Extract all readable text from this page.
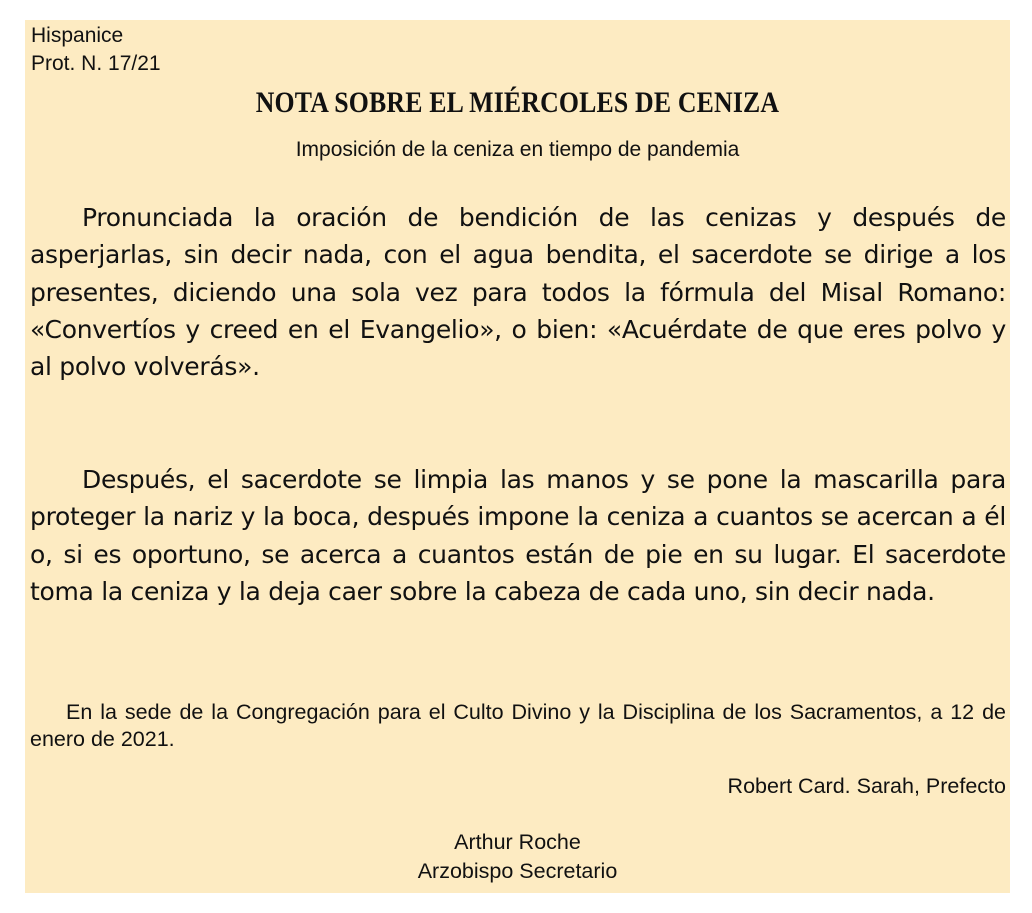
Hispanice
Prot. N. 17/21
NOTA SOBRE EL MIÉRCOLES DE CENIZA
Imposición de la ceniza en tiempo de pandemia

Pronunciada la oración de bendición de las cenizas y después de asperjarlas, sin decir nada, con el agua bendita, el sacerdote se dirige a los presentes, diciendo una sola vez para todos la fórmula del Misal Romano: «Convertíos y creed en el Evangelio», o bien: «Acuérdate de que eres polvo y al polvo volverás».

Después, el sacerdote se limpia las manos y se pone la mascarilla para proteger la nariz y la boca, después impone la ceniza a cuantos se acercan a él o, si es oportuno, se acerca a cuantos están de pie en su lugar. El sacerdote toma la ceniza y la deja caer sobre la cabeza de cada uno, sin decir nada.

En la sede de la Congregación para el Culto Divino y la Disciplina de los Sacramentos, a 12 de enero de 2021.

Robert Card. Sarah, Prefecto
Arthur Roche
Arzobispo Secretario
